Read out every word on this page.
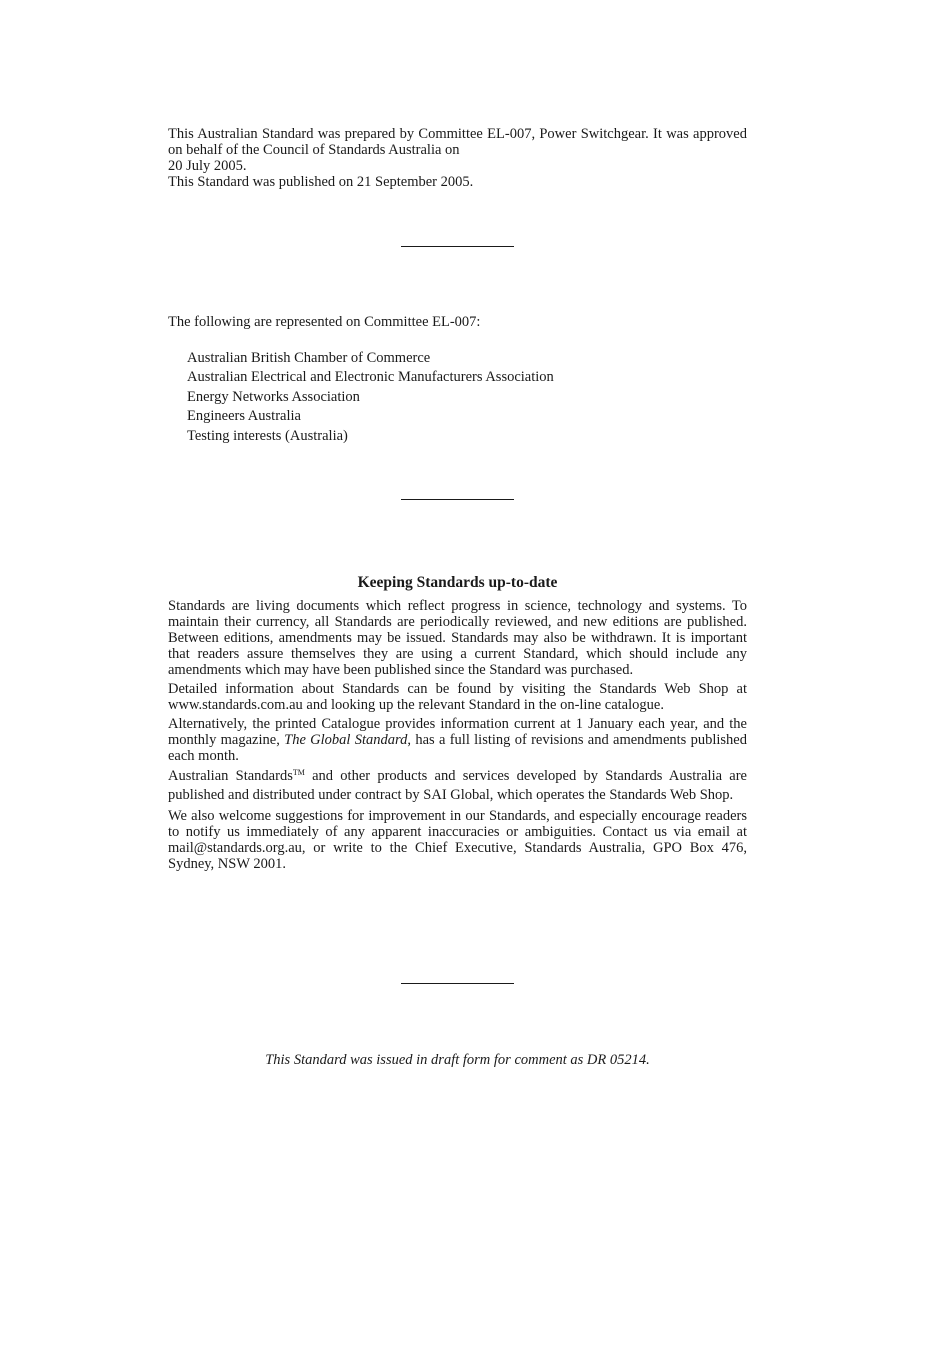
This Australian Standard was prepared by Committee EL-007, Power Switchgear. It was approved on behalf of the Council of Standards Australia on

20 July 2005.

This Standard was published on 21 September 2005.

The following are represented on Committee EL-007:

Australian British Chamber of Commerce
Australian Electrical and Electronic Manufacturers Association
Energy Networks Association
Engineers Australia
Testing interests (Australia)
Keeping Standards up-to-date

Standards are living documents which reflect progress in science, technology and systems. To maintain their currency, all Standards are periodically reviewed, and new editions are published. Between editions, amendments may be issued. Standards may also be withdrawn. It is important that readers assure themselves they are using a current Standard, which should include any amendments which may have been published since the Standard was purchased.

Detailed information about Standards can be found by visiting the Standards Web Shop at www.standards.com.au and looking up the relevant Standard in the on-line catalogue.

Alternatively, the printed Catalogue provides information current at 1 January each year, and the monthly magazine, The Global Standard, has a full listing of revisions and amendments published each month.

Australian Standards™ and other products and services developed by Standards Australia are published and distributed under contract by SAI Global, which operates the Standards Web Shop.

We also welcome suggestions for improvement in our Standards, and especially encourage readers to notify us immediately of any apparent inaccuracies or ambiguities. Contact us via email at mail@standards.org.au, or write to the Chief Executive, Standards Australia, GPO Box 476, Sydney, NSW 2001.

This Standard was issued in draft form for comment as DR 05214.
